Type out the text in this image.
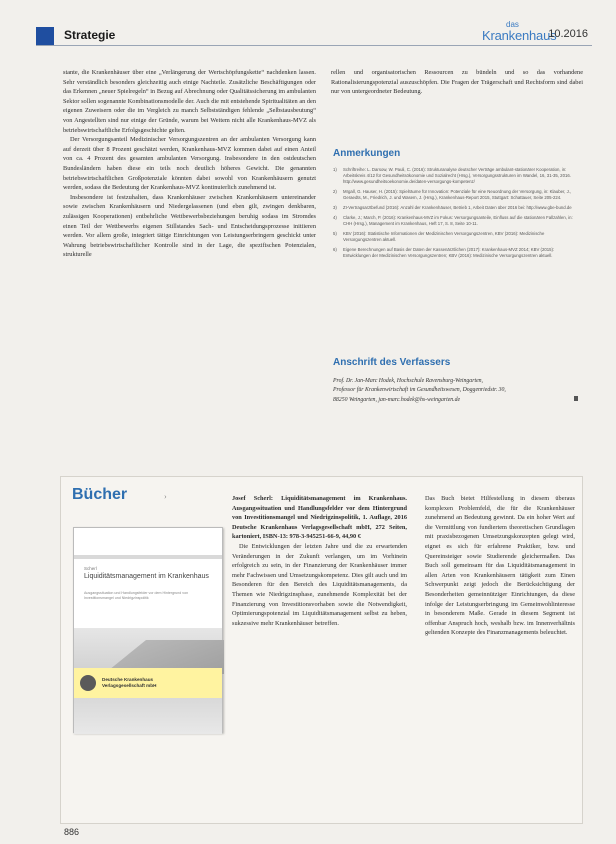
Strategie
das
Krankenhaus
10.2016

stante, die Krankenhäuser über eine „Verlängerung der Wertschöpfungskette“ nachdenken lassen. Sehr verständlich besonders gleichzeitig auch einige Nachteile. Zusätzliche Beschäftigungen oder das Erkennen „neuer Spielregeln“ in Bezug auf Abrechnung oder Qualitätssicherung im ambulanten Sektor sollen sogenannte Kombinationsmodelle der. Auch die mit entstehende Spiritualitäten an den eigenen Zuweisern oder die im Vergleich zu manch Selbstständigen fehlende „Selbstausbeutung“ von Angestellten sind nur einige der Gründe, warum bei Weitem nicht alle Krankenhaus-MVZ als betriebswirtschaftliche Erfolgsgeschichte gelten.

Der Versorgungsanteil Medizinischer Versorgungszentren an der ambulanten Versorgung kann auf derzeit über 8 Prozent geschätzt werden, Krankenhaus-MVZ kommen dabei auf einen Anteil von ca. 4 Prozent des gesamten ambulanten Versorgung. Insbesondere in den ostdeutschen Bundesländern haben diese ein teils noch deutlich höheres Gewicht. Die genannten betriebswirtschaftlichen Großpotenziale könnten dabei sowohl von Krankenhäusern genutzt werden, sodass die Bedeutung der Krankenhaus-MVZ kontinuierlich zunehmend ist.

Insbesondere ist festzuhalten, dass Krankenhäuser zwischen Krankenhäusern untereinander sowie zwischen Krankenhäusern und Niedergelassenen (und eben gilt, zwingen denkbaren, zulässigen Kooperationen) entbehrliche Wettbewerbsbeziehungen beruhig sodass im Stromdes einen Teil der Wettbewerbs eigenen Stillstandes Sach- und Entscheidungsprozesse initiieren werden. Vor allem große, integriert tätige Einrichtungen von Leistungserbringern geschickt unter Wahrung betriebswirtschaftlicher Kontrolle sind in der Lage, die spezifischen Potenzialen, strukturelle

rellen und organisatorischen Ressourcen zu bündeln und so das vorhandene Rationalisierungspotenzial auszuschöpfen. Die Fragen der Trägerschaft und Rechtsform sind dabei nur von untergeordneter Bedeutung.

Anmerkungen
1)	Schriftreihe: L. Darsow, W. Pauli, C. (2016): Strukturanalyse deutscher Verträge ambulant-stationärer Kooperation, in: Arbeitskreis 4/12 für Gesundheitsökonomie und Sozialrecht (Hrsg.), Versorgungsstrukturen im Wandel, 16, 31-35, 2016. http://www.gesundheitsoekonomie.de/daten-versorgungs-kompetenz/
2)	Mrgall, G. Hauser, H. (2015): Spielräume für Innovation: Potenziale für eine Neuordnung der Versorgung, in: Klauber, J., Geraedts, M., Friedrich, J. und Wasem, J. (Hrsg.), Krankenhaus-Report 2015, Stuttgart: Schattauer, Seite 205-224.
3)	ZI-Vertragsarztbefund (2016): Anzahl der Krankenhäuser, Betrieb 1, Arbeit Daten über 2016 bei: http://www.gbe-bund.de
4)	Clarke, J.; March, P. (2016): Krankenhaus-MVZ im Fokus: Versorgungsanteile, Einfluss auf die stationären Fallzahlen, in: CHH (Hrsg.), Management im Krankenhaus, Heft 17, S. 8, Seite 10-11.
5)	KBV (2016): Statistische Informationen der Medizinischen Versorgungszentren, KBV (2016): Medizinische Versorgungszentren aktuell.
6)	Eigene Berechnungen auf Basis der Daten der Kassenärztlichen (2017): Krankenhaus-MVZ 2014; KBV (2015): Entwicklungen der Medizinischen Versorgungszentren; KBV (2016): Medizinische Versorgungszentren aktuell.
Anschrift des Verfassers
Prof. Dr. Jan-Marc Hodek, Hochschule Ravensburg-Weingarten,
Professor für Krankenwirtschaft im Gesundheitswesen, Doggenriedstr. 30,
88250 Weingarten, jan-marc.hodek@hs-weingarten.de
Bücher	›
Scherl
Liquiditätsmanagement im Krankenhaus
Ausgangssituation und Handlungsfelder vor dem Hintergrund von Investitionsmangel und Niedrigzinspolitik
Deutsche Krankenhaus
Verlagsgesellschaft mbH

Josef Scherl: Liquiditätsmanagement im Krankenhaus. Ausgangssituation und Handlungsfelder vor dem Hintergrund von Investitionsmangel und Niedrigzinspolitik, 1. Auflage, 2016 Deutsche Krankenhaus Verlagsgesellschaft mbH, 272 Seiten, kartoniert, ISBN-13: 978-3-945251-66-9, 44,90 €

Die Entwicklungen der letzten Jahre und die zu erwartenden Veränderungen in der Zukunft verlangen, um im Vorhinein erfolgreich zu sein, in der Finanzierung der Krankenhäuser immer mehr Fachwissen und Umsetzungskompetenz. Dies gilt auch und im Besonderen für den Bereich des Liquiditätsmanagements, da Themen wie Niedrigzinsphase, zunehmende Komplexität bei der Finanzierung von Investitionsvorhaben sowie die Notwendigkeit, Optimierungspotenzial im Liquiditätsmanagement selbst zu heben, sukzessive mehr Krankenhäuser betreffen.

Das Buch bietet Hilfestellung in diesem überaus komplexen Problemfeld, die für die Krankenhäuser zunehmend an Bedeutung gewinnt. Da ein hoher Wert auf die Vermittlung von fundiertem theoretischen Grundlagen mit praxisbezogenen Umsetzungskonzepten gelegt wird, eignet es sich für erfahrene Praktiker, bzw. und Quereinsteiger sowie Studierende gleichermaßen. Das Buch soll gemeinsam für das Liquiditätsmanagement in allen Arten von Krankenhäusern tätigkeit zum Einen Schwerpunkt zeigt jedoch die Berücksichtigung der Besonderheiten gemeinnütziger Einrichtungen, da diese infolge der Leistungserbringung im Gemeinwohlinteresse in besonderem Maße. Gerade in diesem Segment ist offenbar Anspruch hoch, weshalb bzw. im Innenverhältnis geltenden Konzepte des Finanzmanagements beleuchtet.

886
